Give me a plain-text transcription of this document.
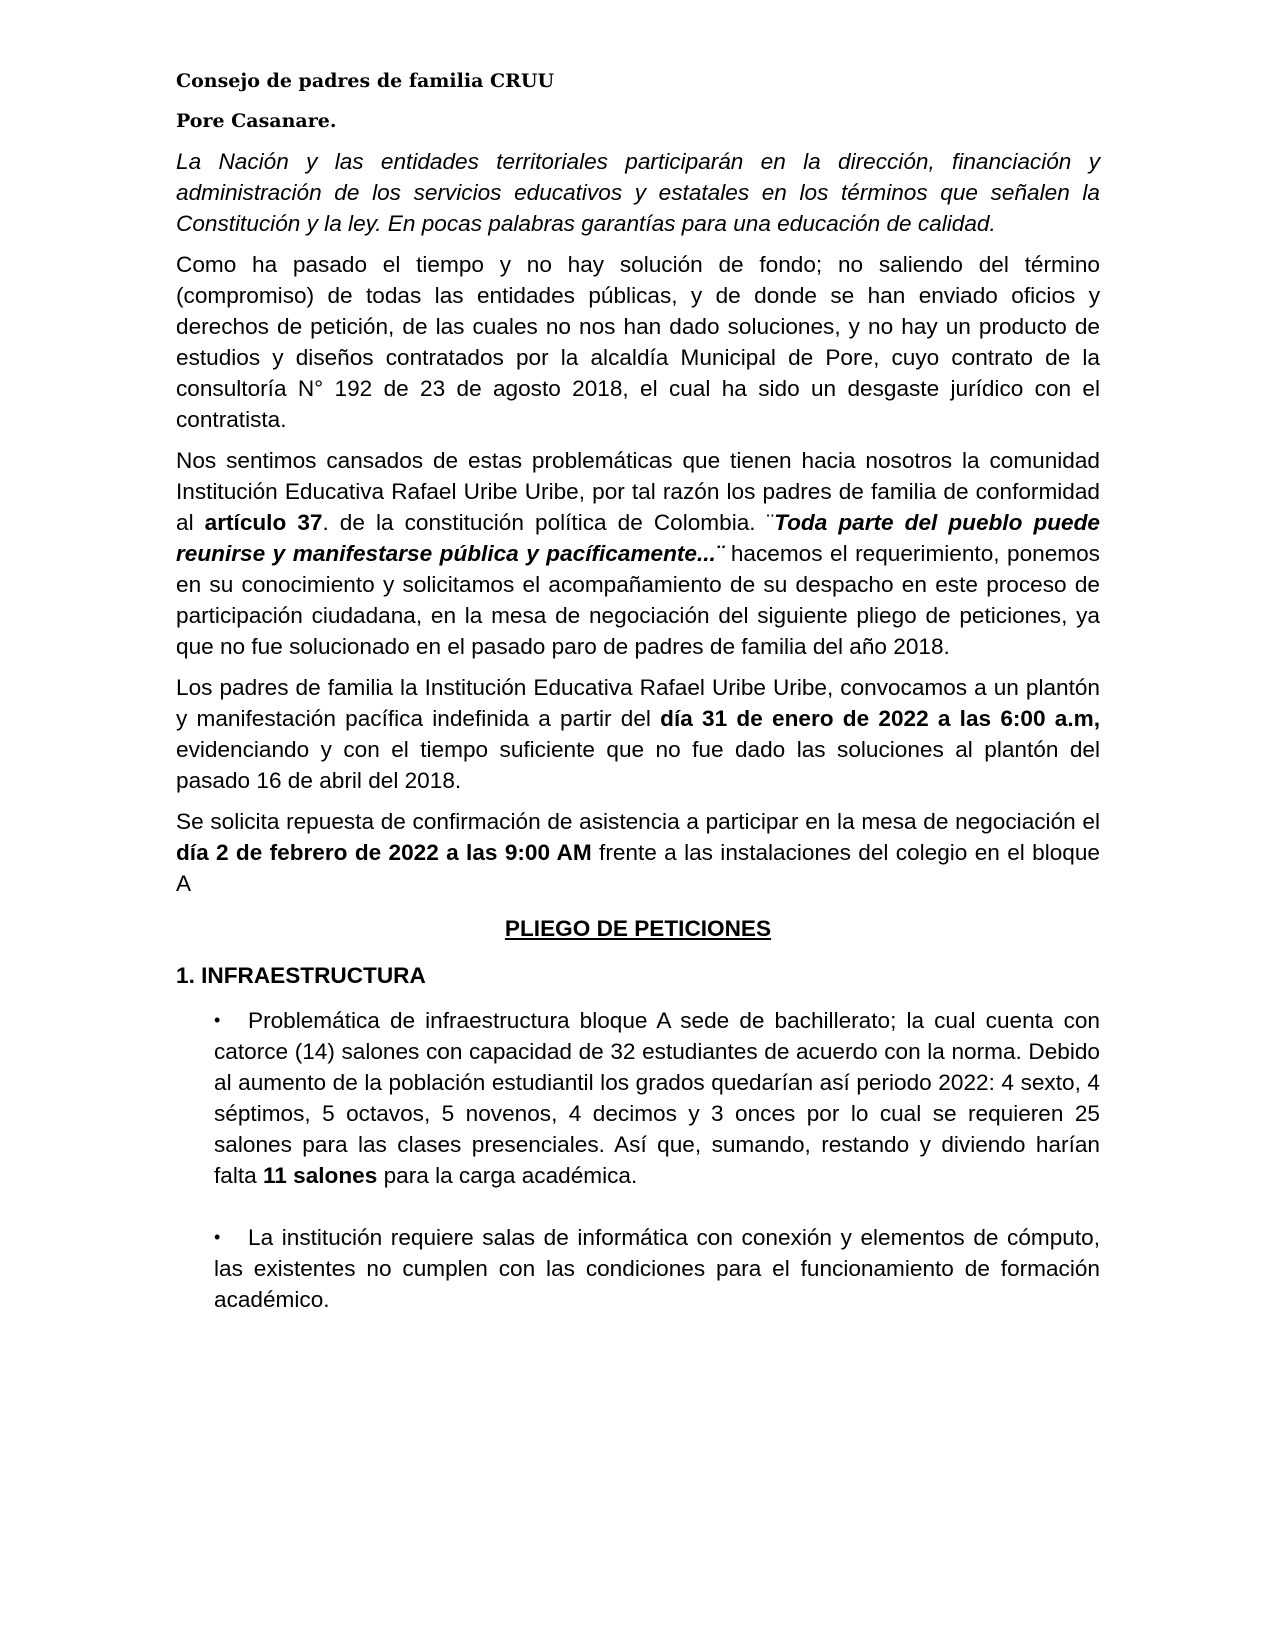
Consejo de padres de familia CRUU

Pore Casanare.

La Nación y las entidades territoriales participarán en la dirección, financiación y administración de los servicios educativos y estatales en los términos que señalen la Constitución y la ley. En pocas palabras garantías para una educación de calidad.

Como ha pasado el tiempo y no hay solución de fondo; no saliendo del término (compromiso) de todas las entidades públicas, y de donde se han enviado oficios y derechos de petición, de las cuales no nos han dado soluciones, y no hay un producto de estudios y diseños contratados por la alcaldía Municipal de Pore, cuyo contrato de la consultoría N° 192 de 23 de agosto 2018, el cual ha sido un desgaste jurídico con el contratista.

Nos sentimos cansados de estas problemáticas que tienen hacia nosotros la comunidad Institución Educativa Rafael Uribe Uribe, por tal razón los padres de familia de conformidad al artículo 37. de la constitución política de Colombia. ¨Toda parte del pueblo puede reunirse y manifestarse pública y pacíficamente...¨ hacemos el requerimiento, ponemos en su conocimiento y solicitamos el acompañamiento de su despacho en este proceso de participación ciudadana, en la mesa de negociación del siguiente pliego de peticiones, ya que no fue solucionado en el pasado paro de padres de familia del año 2018.

Los padres de familia la Institución Educativa Rafael Uribe Uribe, convocamos a un plantón y manifestación pacífica indefinida a partir del día 31 de enero de 2022 a las 6:00 a.m, evidenciando y con el tiempo suficiente que no fue dado las soluciones al plantón del pasado 16 de abril del 2018.

Se solicita repuesta de confirmación de asistencia a participar en la mesa de negociación el día 2 de febrero de 2022 a las 9:00 AM frente a las instalaciones del colegio en el bloque A

PLIEGO DE PETICIONES

1. INFRAESTRUCTURA

• Problemática de infraestructura bloque A sede de bachillerato; la cual cuenta con catorce (14) salones con capacidad de 32 estudiantes de acuerdo con la norma. Debido al aumento de la población estudiantil los grados quedarían así periodo 2022: 4 sexto, 4 séptimos, 5 octavos, 5 novenos, 4 decimos y 3 onces por lo cual se requieren 25 salones para las clases presenciales. Así que, sumando, restando y diviendo harían falta 11 salones para la carga académica.
• La institución requiere salas de informática con conexión y elementos de cómputo, las existentes no cumplen con las condiciones para el funcionamiento de formación académico.
